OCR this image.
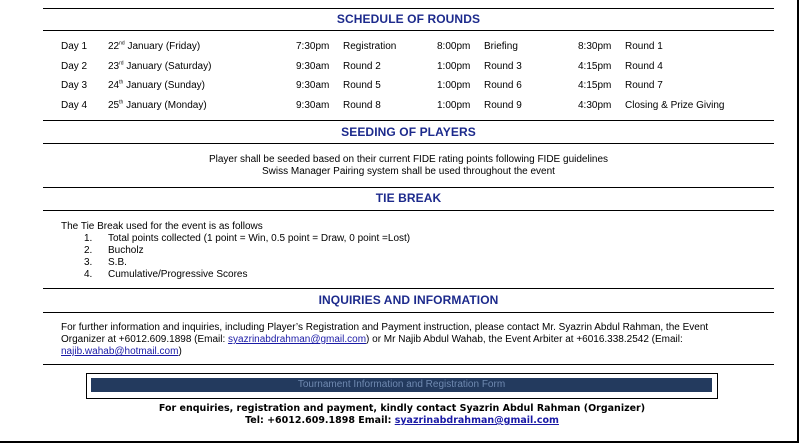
SCHEDULE OF ROUNDS
Day 1 22nd January (Friday)	7:30pm Registration	8:00pm Briefing	8:30pm Round 1
Day 2 23rd January (Saturday)	9:30am Round 2	1:00pm Round 3	4:15pm Round 4
Day 3 24th January (Sunday)	9:30am Round 5	1:00pm Round 6	4:15pm Round 7
Day 4 25th January (Monday)	9:30am Round 8	1:00pm Round 9	4:30pm Closing & Prize Giving
SEEDING OF PLAYERS
Player shall be seeded based on their current FIDE rating points following FIDE guidelines
Swiss Manager Pairing system shall be used throughout the event
TIE BREAK
The Tie Break used for the event is as follows
1. Total points collected (1 point = Win, 0.5 point = Draw, 0 point =Lost)
2. Bucholz
3. S.B.
4. Cumulative/Progressive Scores
INQUIRIES AND INFORMATION
For further information and inquiries, including Player’s Registration and Payment instruction, please contact Mr. Syazrin Abdul Rahman, the Event
Organizer at +6012.609.1898 (Email: syazrinabdrahman@gmail.com) or Mr Najib Abdul Wahab, the Event Arbiter at +6016.338.2542 (Email:
najib.wahab@hotmail.com)
Tournament Information and Registration Form
For enquiries, registration and payment, kindly contact Syazrin Abdul Rahman (Organizer)
Tel: +6012.609.1898 Email: syazrinabdrahman@gmail.com
